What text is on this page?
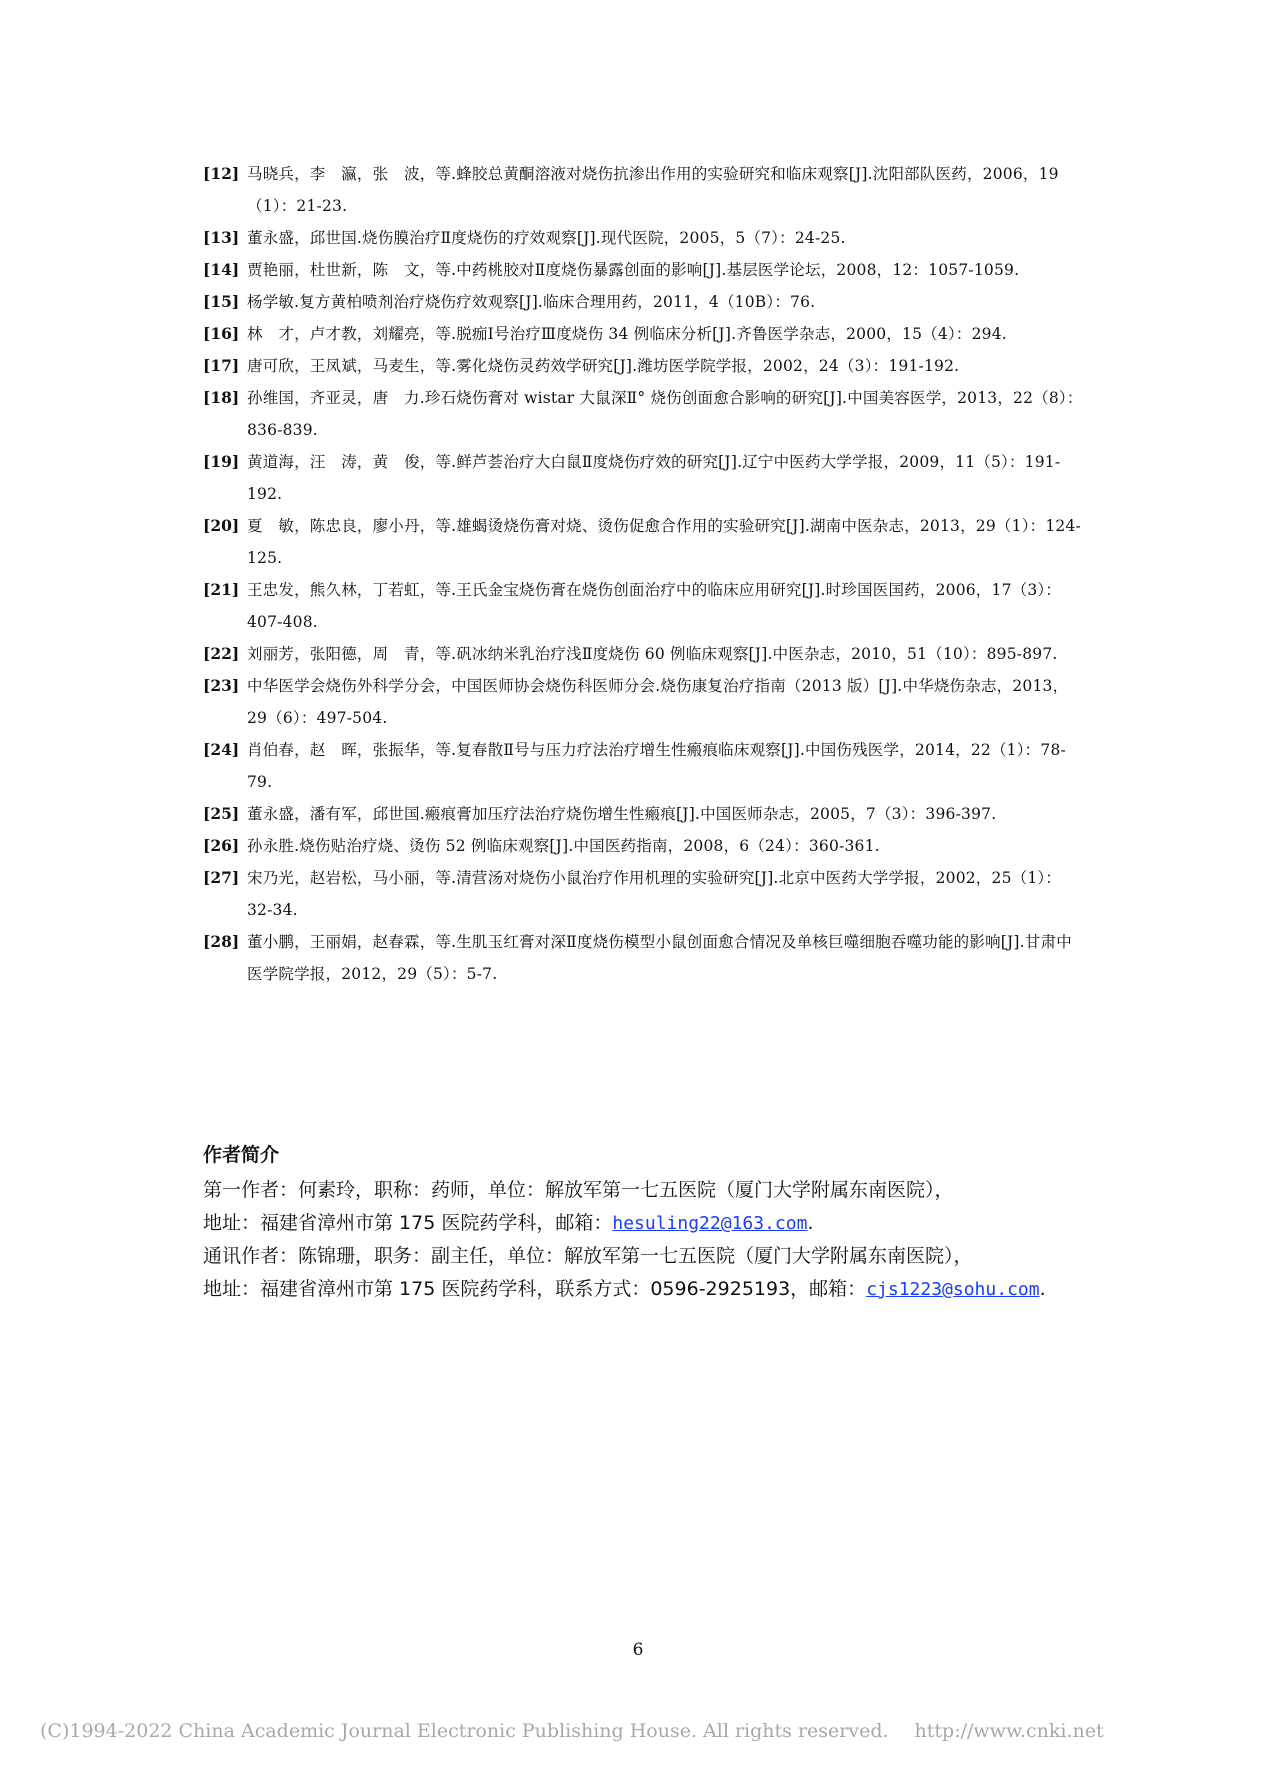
[12] 马晓兵，李　瀛，张　波，等.蜂胶总黄酮溶液对烧伤抗渗出作用的实验研究和临床观察[J].沈阳部队医药，2006，19（1）：21-23.
[13] 董永盛，邱世国.烧伤膜治疗Ⅱ度烧伤的疗效观察[J].现代医院，2005，5（7）：24-25.
[14] 贾艳丽，杜世新，陈　文，等.中药桃胶对Ⅱ度烧伤暴露创面的影响[J].基层医学论坛，2008，12：1057-1059.
[15] 杨学敏.复方黄柏喷剂治疗烧伤疗效观察[J].临床合理用药，2011，4（10B）：76.
[16] 林　才，卢才教，刘耀亮，等.脱痂Ⅰ号治疗Ⅲ度烧伤 34 例临床分析[J].齐鲁医学杂志，2000，15（4）：294.
[17] 唐可欣，王凤斌，马麦生，等.雾化烧伤灵药效学研究[J].潍坊医学院学报，2002，24（3）：191-192.
[18] 孙维国，齐亚灵，唐　力.珍石烧伤膏对 wistar 大鼠深Ⅱ° 烧伤创面愈合影响的研究[J].中国美容医学，2013，22（8）：836-839.
[19] 黄道海，汪　涛，黄　俊，等.鲜芦荟治疗大白鼠Ⅱ度烧伤疗效的研究[J].辽宁中医药大学学报，2009，11（5）：191-192.
[20] 夏　敏，陈忠良，廖小丹，等.雄蝎烫烧伤膏对烧、烫伤促愈合作用的实验研究[J].湖南中医杂志，2013，29（1）：124-125.
[21] 王忠发，熊久林，丁若虹，等.王氏金宝烧伤膏在烧伤创面治疗中的临床应用研究[J].时珍国医国药，2006，17（3）：407-408.
[22] 刘丽芳，张阳德，周　青，等.矾冰纳米乳治疗浅Ⅱ度烧伤 60 例临床观察[J].中医杂志，2010，51（10）：895-897.
[23] 中华医学会烧伤外科学分会，中国医师协会烧伤科医师分会.烧伤康复治疗指南（2013 版）[J].中华烧伤杂志，2013，29（6）：497-504.
[24] 肖伯春，赵　晖，张振华，等.复春散Ⅱ号与压力疗法治疗增生性瘢痕临床观察[J].中国伤残医学，2014，22（1）：78-79.
[25] 董永盛，潘有军，邱世国.瘢痕膏加压疗法治疗烧伤增生性瘢痕[J].中国医师杂志，2005，7（3）：396-397.
[26] 孙永胜.烧伤贴治疗烧、烫伤 52 例临床观察[J].中国医药指南，2008，6（24）：360-361.
[27] 宋乃光，赵岩松，马小丽，等.清营汤对烧伤小鼠治疗作用机理的实验研究[J].北京中医药大学学报，2002，25（1）：32-34.
[28] 董小鹏，王丽娟，赵春霖，等.生肌玉红膏对深Ⅱ度烧伤模型小鼠创面愈合情况及单核巨噬细胞吞噬功能的影响[J].甘肃中医学院学报，2012，29（5）：5-7.
作者简介
第一作者：何素玲，职称：药师，单位：解放军第一七五医院（厦门大学附属东南医院），
地址：福建省漳州市第 175 医院药学科，邮箱：hesuling22@163.com.
通讯作者：陈锦珊，职务：副主任，单位：解放军第一七五医院（厦门大学附属东南医院），
地址：福建省漳州市第 175 医院药学科，联系方式：0596-2925193，邮箱：cjs1223@sohu.com.
6
(C)1994-2022 China Academic Journal Electronic Publishing House. All rights reserved. http://www.cnki.net
